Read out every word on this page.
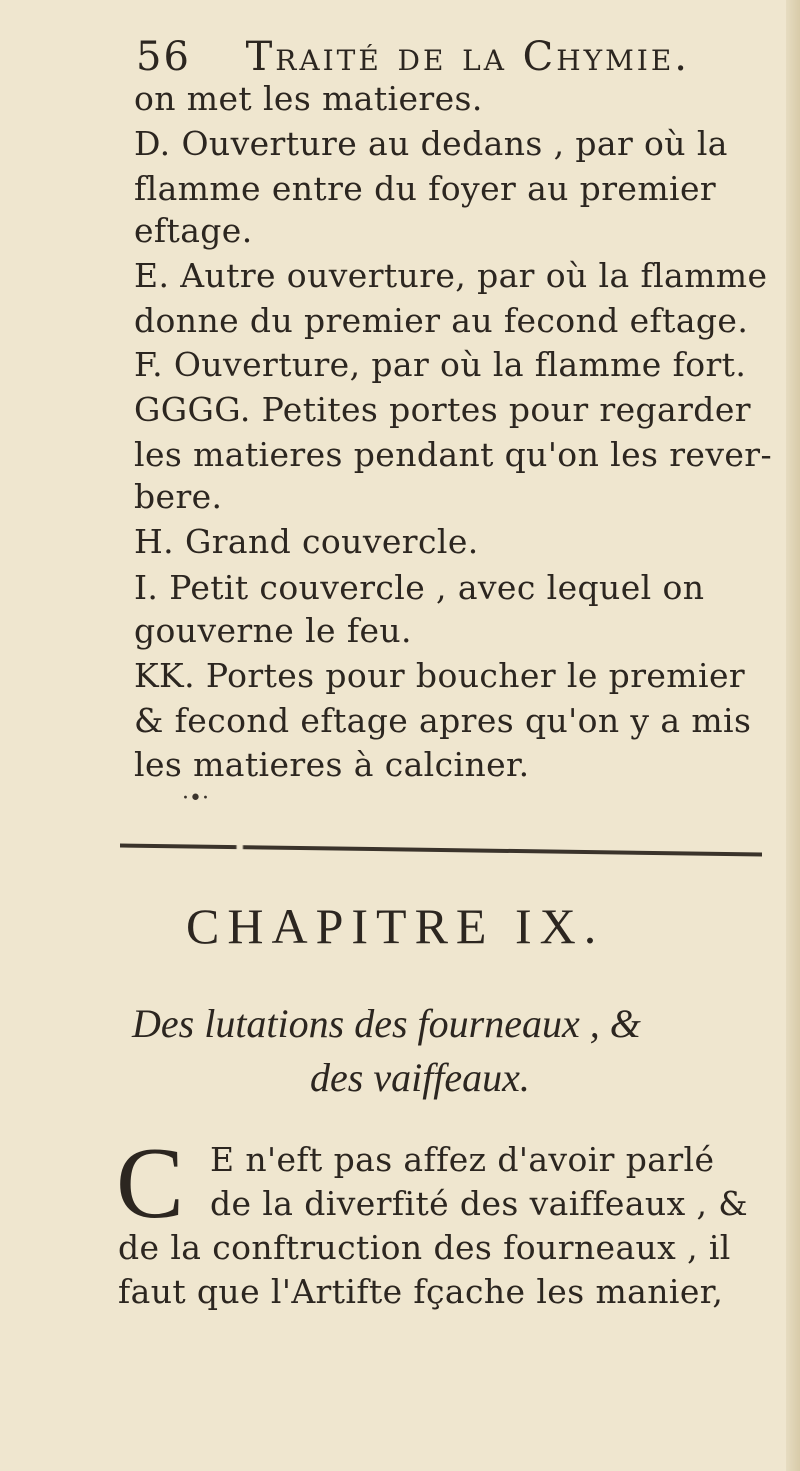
56 Traité de la Chymie.
on met les matieres.
D. Ouverture au dedans , par où la
flamme entre du foyer au premier
eftage.
E. Autre ouverture, par où la flamme
donne du premier au fecond eftage.
F. Ouverture, par où la flamme fort.
GGGG. Petites portes pour regarder
les matieres pendant qu'on les rever-
bere.
H. Grand couvercle.
I. Petit couvercle , avec lequel on
gouverne le feu.
KK. Portes pour boucher le premier
& fecond eftage apres qu'on y a mis
les matieres à calciner.
·•·
CHAPITRE IX.
Des lutations des fourneaux , &
des vaiffeaux.
C E n'eft pas affez d'avoir parlé
de la diverfité des vaiffeaux , &
de la conftruction des fourneaux , il
faut que l'Artifte fçache les manier,
